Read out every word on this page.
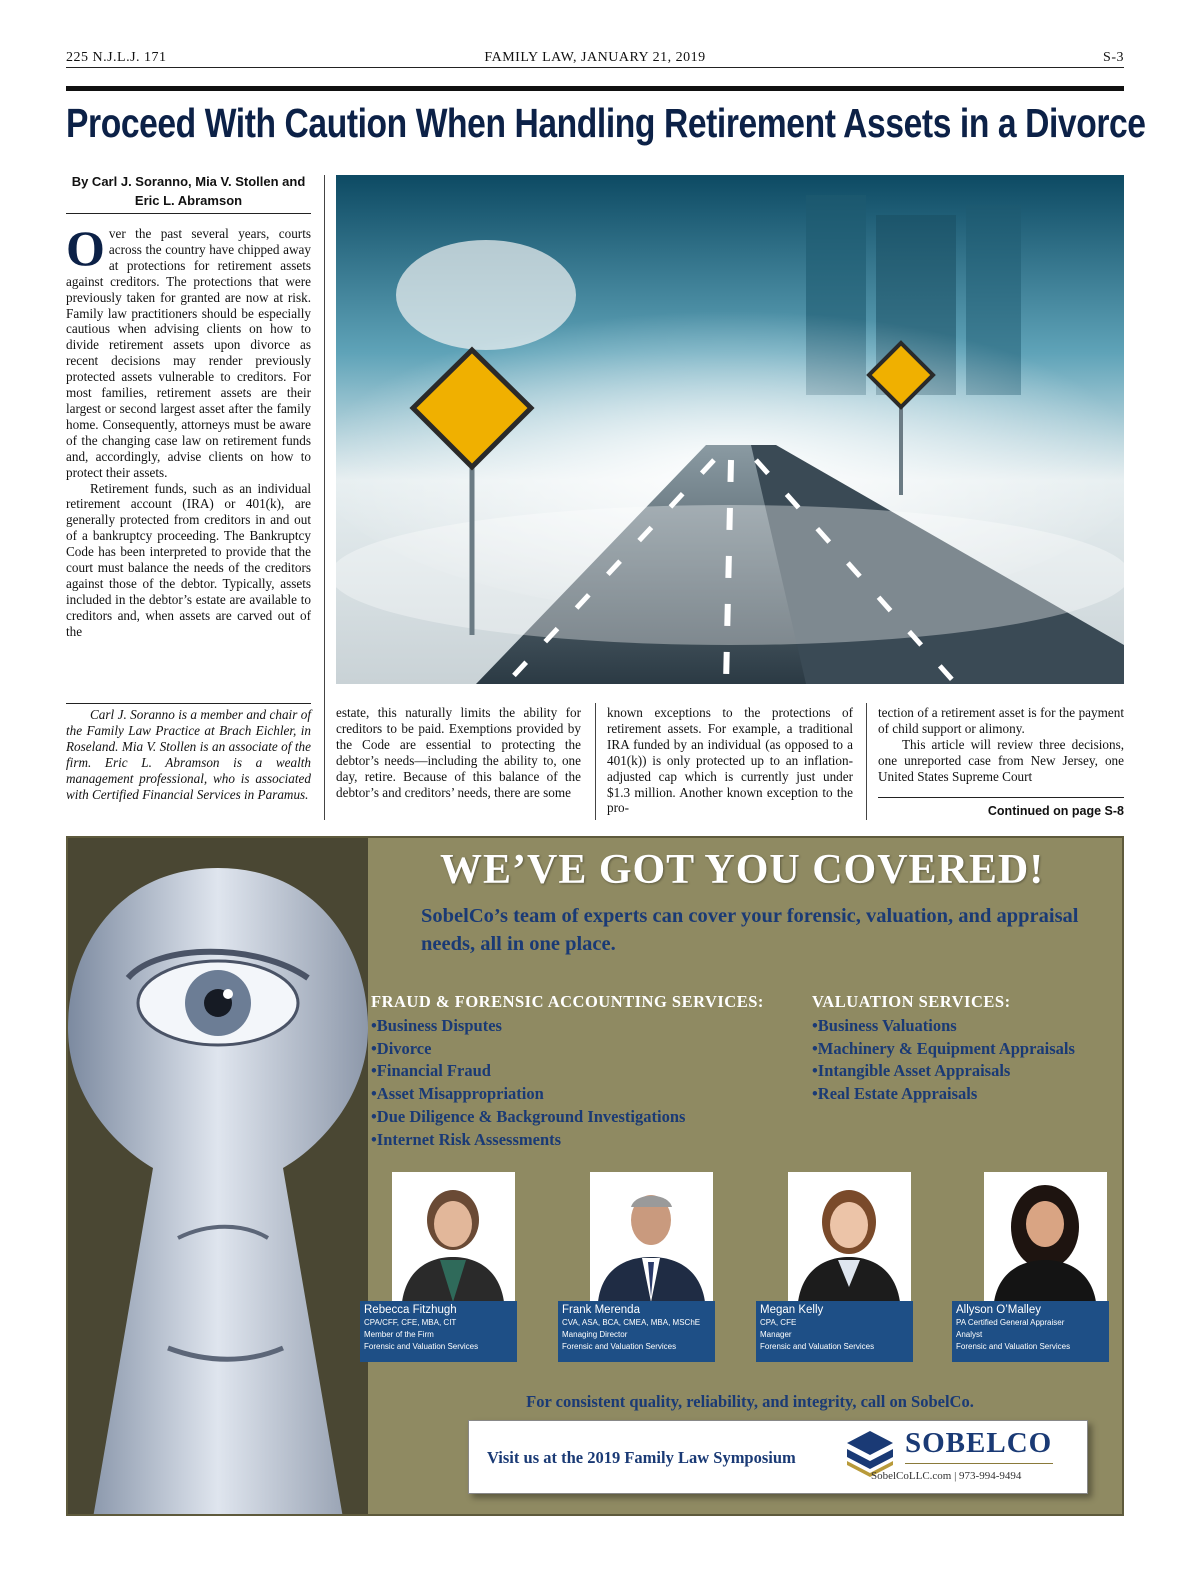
225 N.J.L.J. 171	FAMILY LAW, JANUARY 21, 2019	S-3
Proceed With Caution When Handling Retirement Assets in a Divorce
By Carl J. Soranno, Mia V. Stollen and Eric L. Abramson

Over the past several years, courts across the country have chipped away at protections for retirement assets against creditors. The protections that were previously taken for granted are now at risk. Family law practitioners should be especially cautious when advising clients on how to divide retirement assets upon divorce as recent decisions may render previously protected assets vulnerable to creditors. For most families, retirement assets are their largest or second largest asset after the family home. Consequently, attorneys must be aware of the changing case law on retirement funds and, accordingly, advise clients on how to protect their assets.

Retirement funds, such as an individual retirement account (IRA) or 401(k), are generally protected from creditors in and out of a bankruptcy proceeding. The Bankruptcy Code has been interpreted to provide that the court must balance the needs of the creditors against those of the debtor. Typically, assets included in the debtor’s estate are available to creditors and, when assets are carved out of the

Carl J. Soranno is a member and chair of the Family Law Practice at Brach Eichler, in Roseland. Mia V. Stollen is an associate of the firm. Eric L. Abramson is a wealth management professional, who is associated with Certified Financial Services in Paramus.

estate, this naturally limits the ability for creditors to be paid. Exemptions provided by the Code are essential to protecting the debtor’s needs—including the ability to, one day, retire. Because of this balance of the debtor’s and creditors’ needs, there are some

known exceptions to the protections of retirement assets. For example, a traditional IRA funded by an individual (as opposed to a 401(k)) is only protected up to an inflation-adjusted cap which is currently just under $1.3 million. Another known exception to the pro-

tection of a retirement asset is for the payment of child support or alimony.

This article will review three decisions, one unreported case from New Jersey, one United States Supreme Court

Continued on page S-8
WE’VE GOT YOU COVERED!
SobelCo’s team of experts can cover your forensic, valuation, and appraisal needs, all in one place.
FRAUD & FORENSIC ACCOUNTING SERVICES:
• Business Disputes
• Divorce
• Financial Fraud
• Asset Misappropriation
• Due Diligence & Background Investigations
• Internet Risk Assessments
VALUATION SERVICES:
• Business Valuations
• Machinery & Equipment Appraisals
• Intangible Asset Appraisals
• Real Estate Appraisals
Rebecca Fitzhugh
CPA/CFF, CFE, MBA, CIT
Member of the Firm
Forensic and Valuation Services
Frank Merenda
CVA, ASA, BCA, CMEA, MBA, MSChE
Managing Director
Forensic and Valuation Services
Megan Kelly
CPA, CFE
Manager
Forensic and Valuation Services
Allyson O’Malley
PA Certified General Appraiser
Analyst
Forensic and Valuation Services
For consistent quality, reliability, and integrity, call on SobelCo.
Visit us at the 2019 Family Law Symposium	SOBELCO
SobelCoLLC.com | 973-994-9494
